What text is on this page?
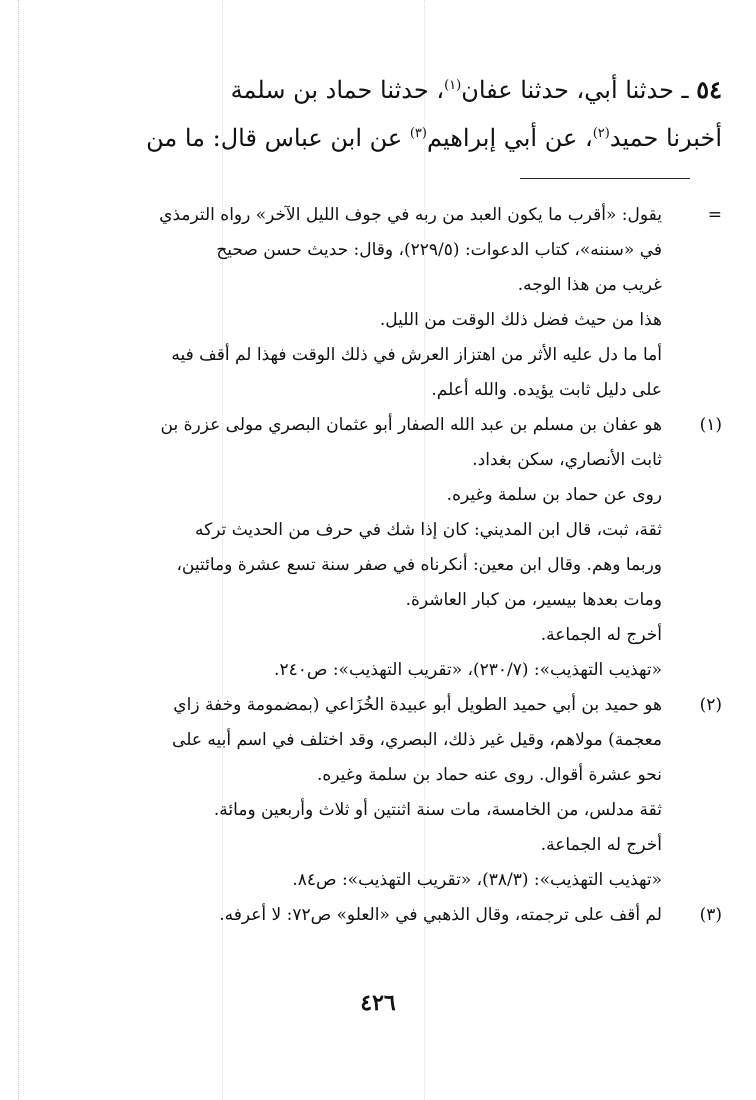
٥٤ ـ حدثنا أبي، حدثنا عفان$^{(١)}$، حدثنا حماد بن سلمة
أخبرنا حميد$^{(٢)}$، عن أبي إبراهيم$^{(٣)}$ عن ابن عباس قال: ما من
=
يقول: «أقرب ما يكون العبد من ربه في جوف الليل الآخر» رواه الترمذي
في «سننه»، كتاب الدعوات: (٢٢٩/٥)، وقال: حديث حسن صحيح
غريب من هذا الوجه.
هذا من حيث فضل ذلك الوقت من الليل.
أما ما دل عليه الأثر من اهتزاز العرش في ذلك الوقت فهذا لم أقف فيه
على دليل ثابت يؤيده. والله أعلم.
(١)
هو عفان بن مسلم بن عبد الله الصفار أبو عثمان البصري مولى عزرة بن
ثابت الأنصاري، سكن بغداد.
روى عن حماد بن سلمة وغيره.
ثقة، ثبت، قال ابن المديني: كان إذا شك في حرف من الحديث تركه
وربما وهم. وقال ابن معين: أنكرناه في صفر سنة تسع عشرة ومائتين،
ومات بعدها بيسير، من كبار العاشرة.
أخرج له الجماعة.
«تهذيب التهذيب»: (٢٣٠/٧)، «تقريب التهذيب»: ص٢٤٠.
(٢)
هو حميد بن أبي حميد الطويل أبو عبيدة الخُزَاعي (بمضمومة وخفة زاي
معجمة) مولاهم، وقيل غير ذلك، البصري، وقد اختلف في اسم أبيه على
نحو عشرة أقوال. روى عنه حماد بن سلمة وغيره.
ثقة مدلس، من الخامسة، مات سنة اثنتين أو ثلاث وأربعين ومائة.
أخرج له الجماعة.
«تهذيب التهذيب»: (٣٨/٣)، «تقريب التهذيب»: ص٨٤.
(٣)
لم أقف على ترجمته، وقال الذهبي في «العلو» ص٧٢: لا أعرفه.
٤٢٦
